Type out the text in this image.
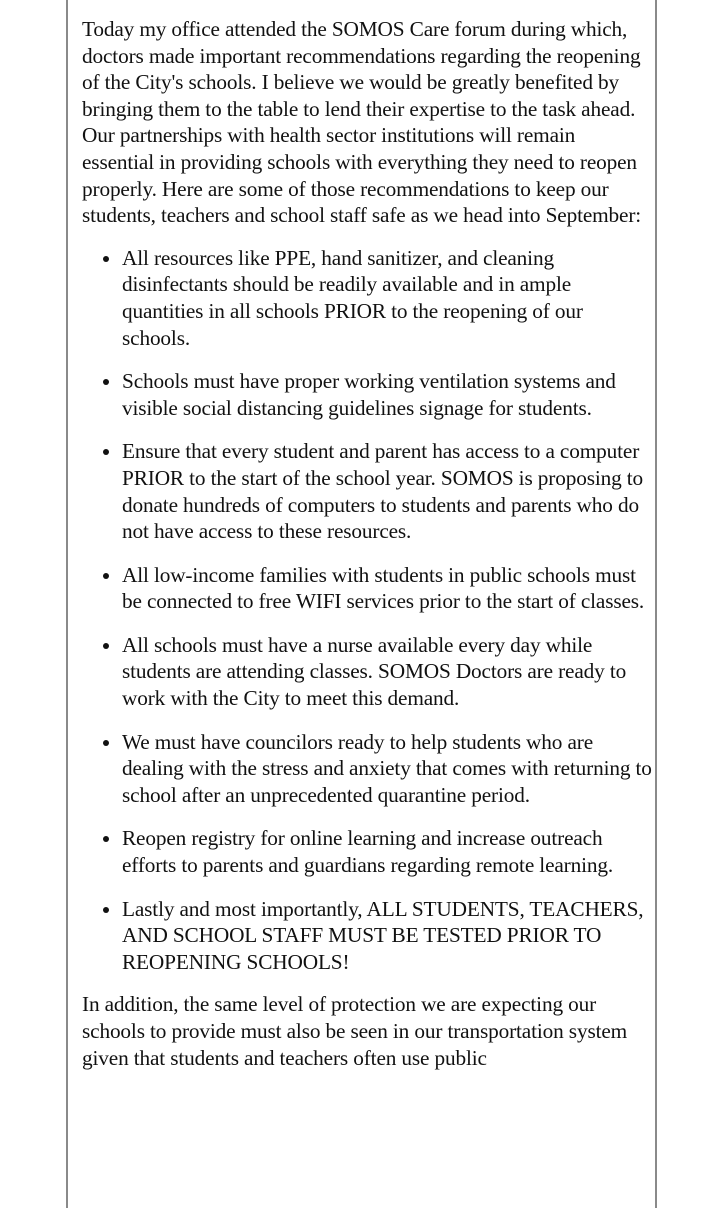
Today my office attended the SOMOS Care forum during which, doctors made important recommendations regarding the reopening of the City's schools. I believe we would be greatly benefited by bringing them to the table to lend their expertise to the task ahead. Our partnerships with health sector institutions will remain essential in providing schools with everything they need to reopen properly. Here are some of those recommendations to keep our students, teachers and school staff safe as we head into September:

All resources like PPE, hand sanitizer, and cleaning disinfectants should be readily available and in ample quantities in all schools PRIOR to the reopening of our schools.
Schools must have proper working ventilation systems and visible social distancing guidelines signage for students.
Ensure that every student and parent has access to a computer PRIOR to the start of the school year. SOMOS is proposing to donate hundreds of computers to students and parents who do not have access to these resources.
All low-income families with students in public schools must be connected to free WIFI services prior to the start of classes.
All schools must have a nurse available every day while students are attending classes. SOMOS Doctors are ready to work with the City to meet this demand.
We must have councilors ready to help students who are dealing with the stress and anxiety that comes with returning to school after an unprecedented quarantine period.
Reopen registry for online learning and increase outreach efforts to parents and guardians regarding remote learning.
Lastly and most importantly, ALL STUDENTS, TEACHERS, AND SCHOOL STAFF MUST BE TESTED PRIOR TO REOPENING SCHOOLS!

In addition, the same level of protection we are expecting our schools to provide must also be seen in our transportation system given that students and teachers often use public
